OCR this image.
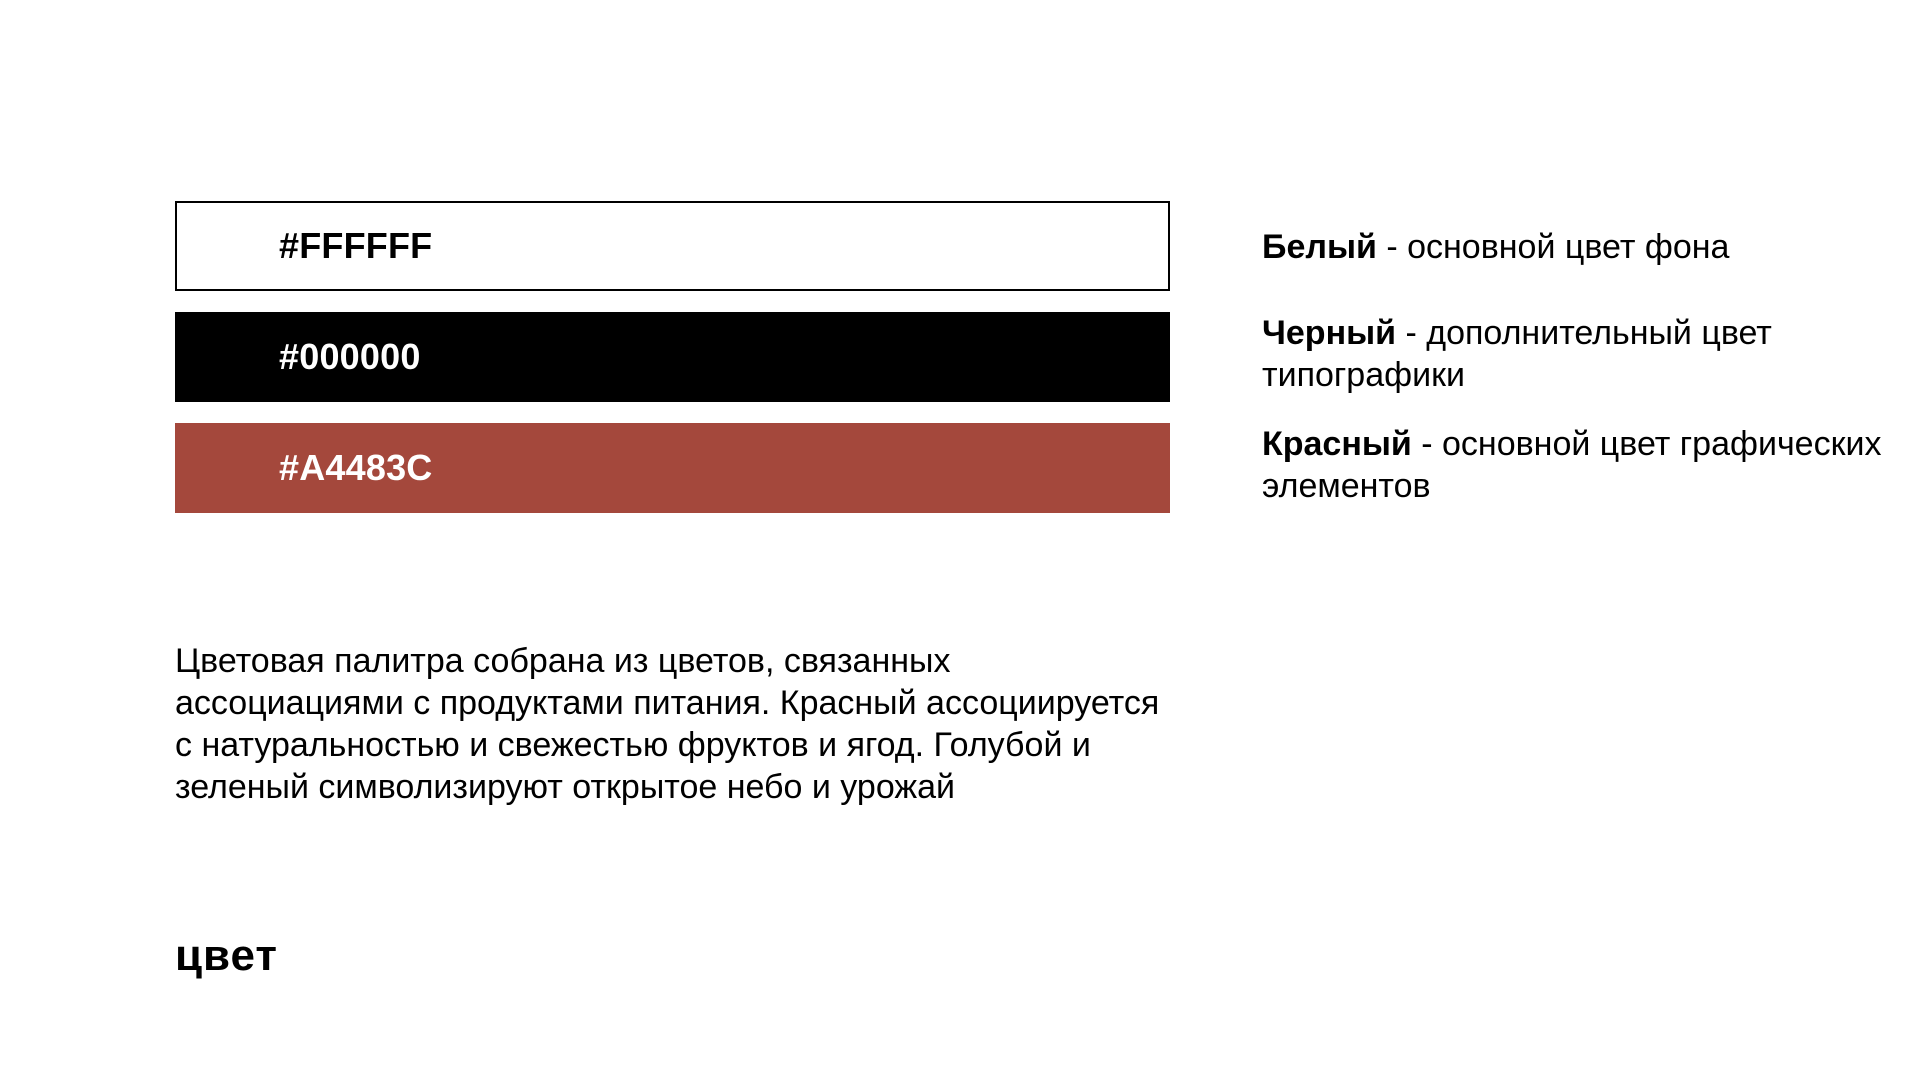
#FFFFFF
#000000
#A4483C
Белый - основной цвет фона
Черный - дополнительный цвет типографики
Красный - основной цвет графических элементов

Цветовая палитра собрана из цветов, связанных ассоциациями с продуктами питания. Красный ассоциируется с натуральностью и свежестью фруктов и ягод. Голубой и зеленый символизируют открытое небо и урожай

цвет
